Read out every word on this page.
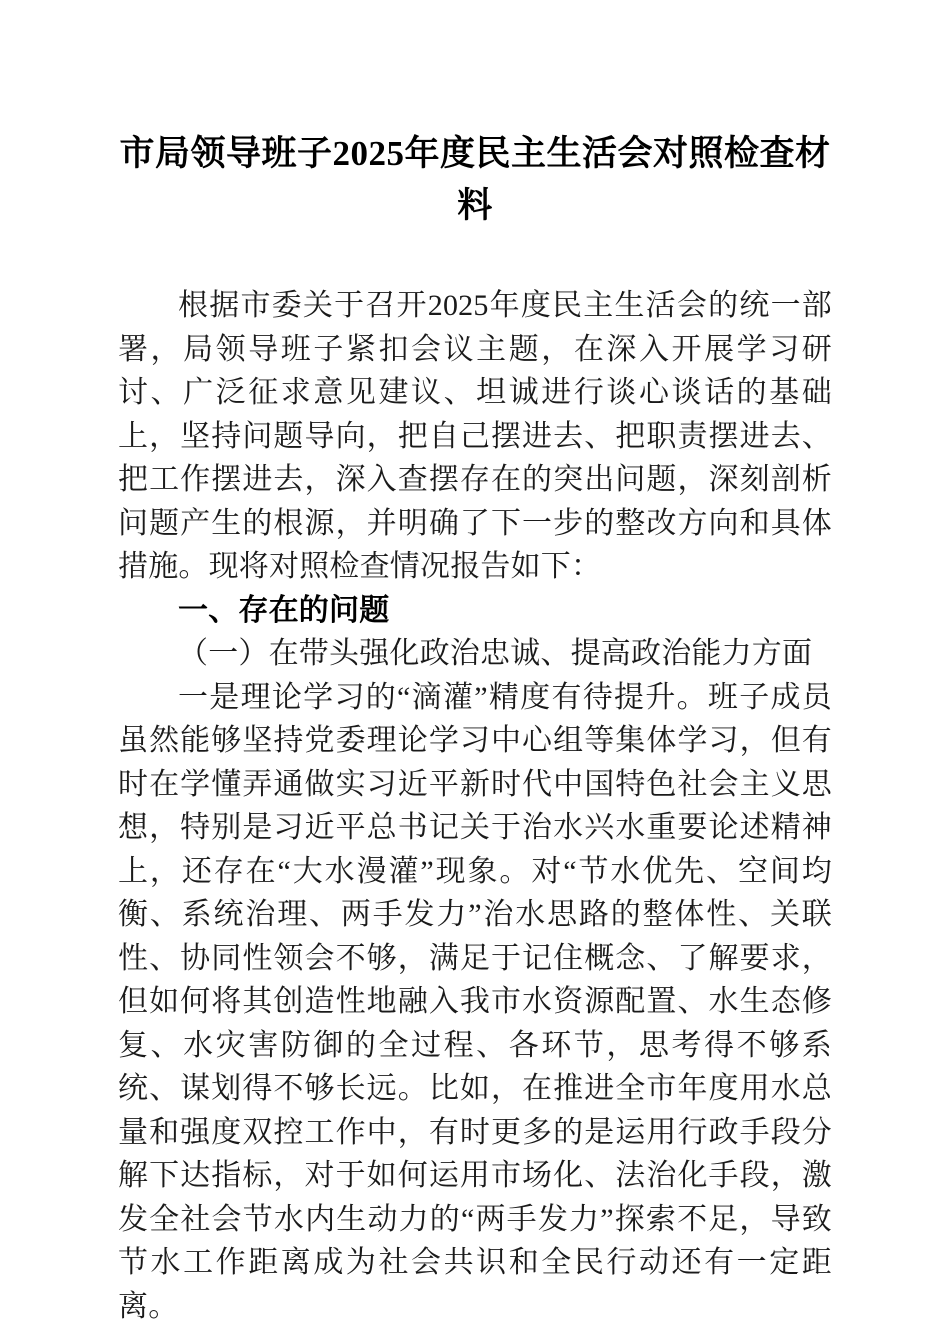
市局领导班子2025年度民主生活会对照检查材料

根据市委关于召开2025年度民主生活会的统一部署，局领导班子紧扣会议主题，在深入开展学习研讨、广泛征求意见建议、坦诚进行谈心谈话的基础上，坚持问题导向，把自己摆进去、把职责摆进去、把工作摆进去，深入查摆存在的突出问题，深刻剖析问题产生的根源，并明确了下一步的整改方向和具体措施。现将对照检查情况报告如下：

一、存在的问题
（一）在带头强化政治忠诚、提高政治能力方面

一是理论学习的“滴灌”精度有待提升。班子成员虽然能够坚持党委理论学习中心组等集体学习，但有时在学懂弄通做实习近平新时代中国特色社会主义思想，特别是习近平总书记关于治水兴水重要论述精神上，还存在“大水漫灌”现象。对“节水优先、空间均衡、系统治理、两手发力”治水思路的整体性、关联性、协同性领会不够，满足于记住概念、了解要求，但如何将其创造性地融入我市水资源配置、水生态修复、水灾害防御的全过程、各环节，思考得不够系统、谋划得不够长远。比如，在推进全市年度用水总量和强度双控工作中，有时更多的是运用行政手段分解下达指标，对于如何运用市场化、法治化手段，激发全社会节水内生动力的“两手发力”探索不足，导致节水工作距离成为社会共识和全民行动还有一定距离。
